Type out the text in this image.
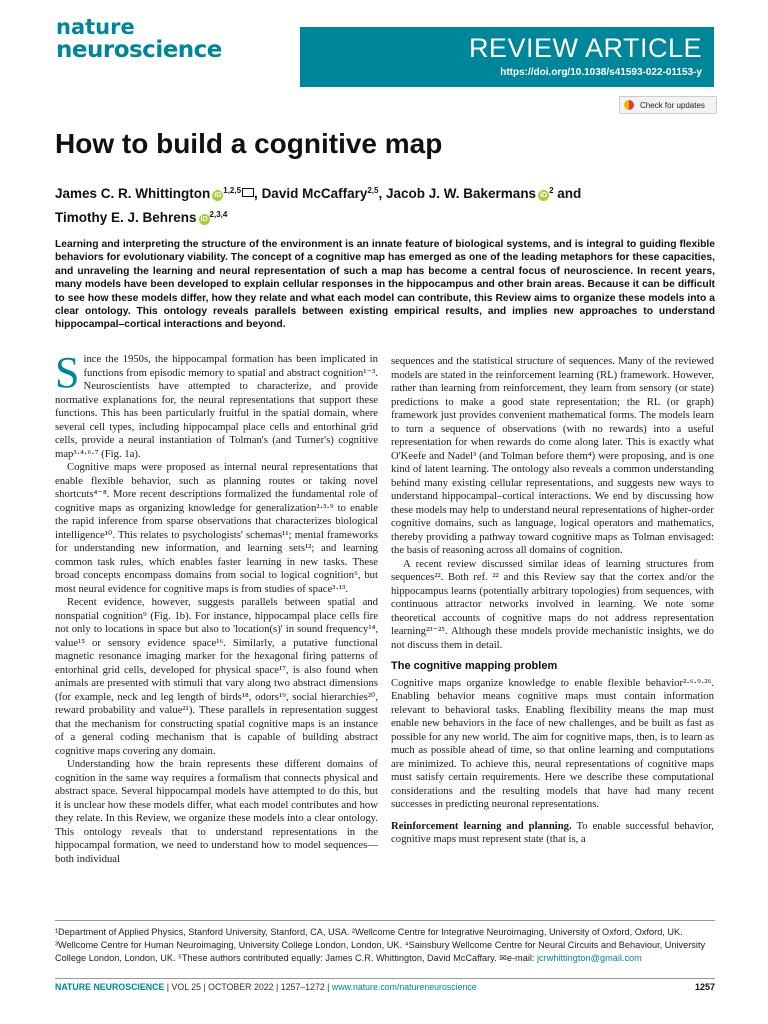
nature
neuroscience	REVIEW ARTICLE
https://doi.org/10.1038/s41593-022-01153-y
Check for updates
How to build a cognitive map
James C. R. Whittington iD$^{1,2,5}$ , David McCaffary$^{2,5}$, Jacob J. W. Bakermans iD$^2$ and
Timothy E. J. Behrens iD$^{2,3,4}$
Learning and interpreting the structure of the environment is an innate feature of biological systems, and is integral to guiding flexible behaviors for evolutionary viability. The concept of a cognitive map has emerged as one of the leading metaphors for these capacities, and unraveling the learning and neural representation of such a map has become a central focus of neuroscience. In recent years, many models have been developed to explain cellular responses in the hippocampus and other brain areas. Because it can be difficult to see how these models differ, how they relate and what each model can contribute, this Review aims to organize these models into a clear ontology. This ontology reveals parallels between existing empirical results, and implies new approaches to understand hippocampal–cortical interactions and beyond.

Since the 1950s, the hippocampal formation has been implicated in functions from episodic memory to spatial and abstract cognition¹⁻³. Neuroscientists have attempted to characterize, and provide normative explanations for, the neural representations that support these functions. This has been particularly fruitful in the spatial domain, where several cell types, including hippocampal place cells and entorhinal grid cells, provide a neural instantiation of Tolman's (and Turner's) cognitive map³·⁴·⁶·⁷ (Fig. 1a).

Cognitive maps were proposed as internal neural representations that enable flexible behavior, such as planning routes or taking novel shortcuts⁴⁻⁸. More recent descriptions formalized the fundamental role of cognitive maps as organizing knowledge for generalization²·³·⁹ to enable the rapid inference from sparse observations that characterizes biological intelligence¹⁰. This relates to psychologists' schemas¹¹; mental frameworks for understanding new information, and learning sets¹²; and learning common task rules, which enables faster learning in new tasks. These broad concepts encompass domains from social to logical cognition⁶, but most neural evidence for cognitive maps is from studies of space³·¹³.

Recent evidence, however, suggests parallels between spatial and nonspatial cognition⁹ (Fig. 1b). For instance, hippocampal place cells fire not only to locations in space but also to 'location(s)' in sound frequency¹⁴, value¹⁵ or sensory evidence space¹⁶. Similarly, a putative functional magnetic resonance imaging marker for the hexagonal firing patterns of entorhinal grid cells, developed for physical space¹⁷, is also found when animals are presented with stimuli that vary along two abstract dimensions (for example, neck and leg length of birds¹⁸, odors¹⁹, social hierarchies²⁰, reward probability and value²¹). These parallels in representation suggest that the mechanism for constructing spatial cognitive maps is an instance of a general coding mechanism that is capable of building abstract cognitive maps covering any domain.

Understanding how the brain represents these different domains of cognition in the same way requires a formalism that connects physical and abstract space. Several hippocampal models have attempted to do this, but it is unclear how these models differ, what each model contributes and how they relate. In this Review, we organize these models into a clear ontology. This ontology reveals that to understand representations in the hippocampal formation, we need to understand how to model sequences—both individual

sequences and the statistical structure of sequences. Many of the reviewed models are stated in the reinforcement learning (RL) framework. However, rather than learning from reinforcement, they learn from sensory (or state) predictions to make a good state representation; the RL (or graph) framework just provides convenient mathematical forms. The models learn to turn a sequence of observations (with no rewards) into a useful representation for when rewards do come along later. This is exactly what O'Keefe and Nadel³ (and Tolman before them⁴) were proposing, and is one kind of latent learning. The ontology also reveals a common understanding behind many existing cellular representations, and suggests new ways to understand hippocampal–cortical interactions. We end by discussing how these models may help to understand neural representations of higher-order cognitive domains, such as language, logical operators and mathematics, thereby providing a pathway toward cognitive maps as Tolman envisaged: the basis of reasoning across all domains of cognition.

A recent review discussed similar ideas of learning structures from sequences²². Both ref. ²² and this Review say that the cortex and/or the hippocampus learns (potentially arbitrary topologies) from sequences, with continuous attractor networks involved in learning. We note some theoretical accounts of cognitive maps do not address representation learning²³⁻²⁵. Although these models provide mechanistic insights, we do not discuss them in detail.

The cognitive mapping problem

Cognitive maps organize knowledge to enable flexible behavior²·⁶·⁹·²⁶. Enabling behavior means cognitive maps must contain information relevant to behavioral tasks. Enabling flexibility means the map must enable new behaviors in the face of new challenges, and be built as fast as possible for any new world. The aim for cognitive maps, then, is to learn as much as possible ahead of time, so that online learning and computations are minimized. To achieve this, neural representations of cognitive maps must satisfy certain requirements. Here we describe these computational considerations and the resulting models that have had many recent successes in predicting neuronal representations.

Reinforcement learning and planning. To enable successful behavior, cognitive maps must represent state (that is, a

¹Department of Applied Physics, Stanford University, Stanford, CA, USA. ²Wellcome Centre for Integrative Neuroimaging, University of Oxford, Oxford, UK. ³Wellcome Centre for Human Neuroimaging, University College London, London, UK. ⁴Sainsbury Wellcome Centre for Neural Circuits and Behaviour, University College London, London, UK. ⁵These authors contributed equally: James C.R. Whittington, David McCaffary. ✉e-mail: jcrwhittington@gmail.com
NATURE NEUROSCIENCE | VOL 25 | OCTOBER 2022 | 1257–1272 | www.nature.com/natureneuroscience	1257
